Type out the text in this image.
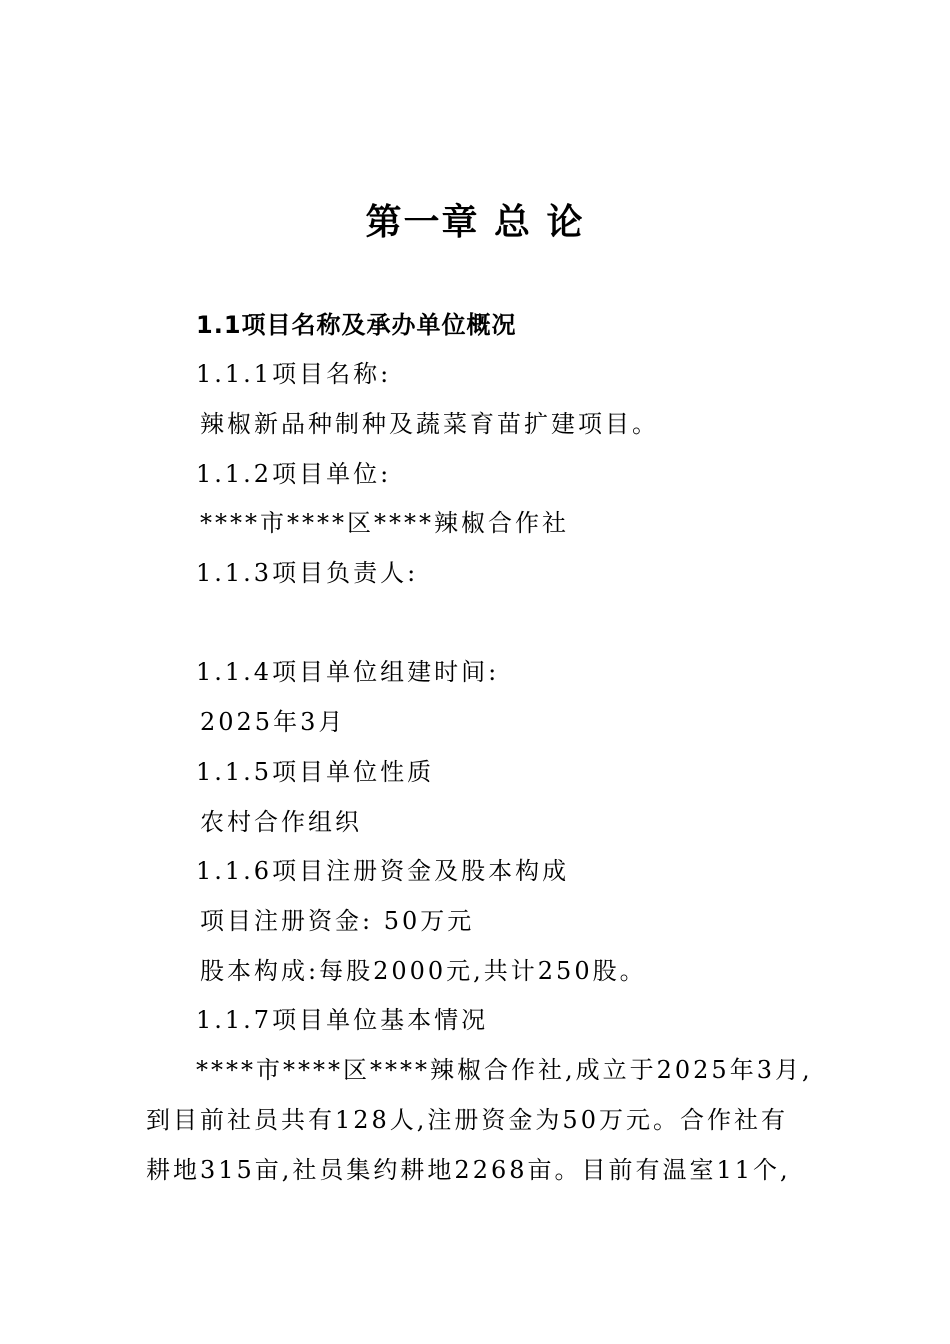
第一章 总 论

1.1项目名称及承办单位概况

1.1.1项目名称:

辣椒新品种制种及蔬菜育苗扩建项目。

1.1.2项目单位:

****市****区****辣椒合作社

1.1.3项目负责人:

1.1.4项目单位组建时间:

2025年3月

1.1.5项目单位性质

农村合作组织

1.1.6项目注册资金及股本构成

项目注册资金: 50万元

股本构成:每股2000元,共计250股。

1.1.7项目单位基本情况

****市****区****辣椒合作社,成立于2025年3月,

到目前社员共有128人,注册资金为50万元。合作社有

耕地315亩,社员集约耕地2268亩。目前有温室11个,
